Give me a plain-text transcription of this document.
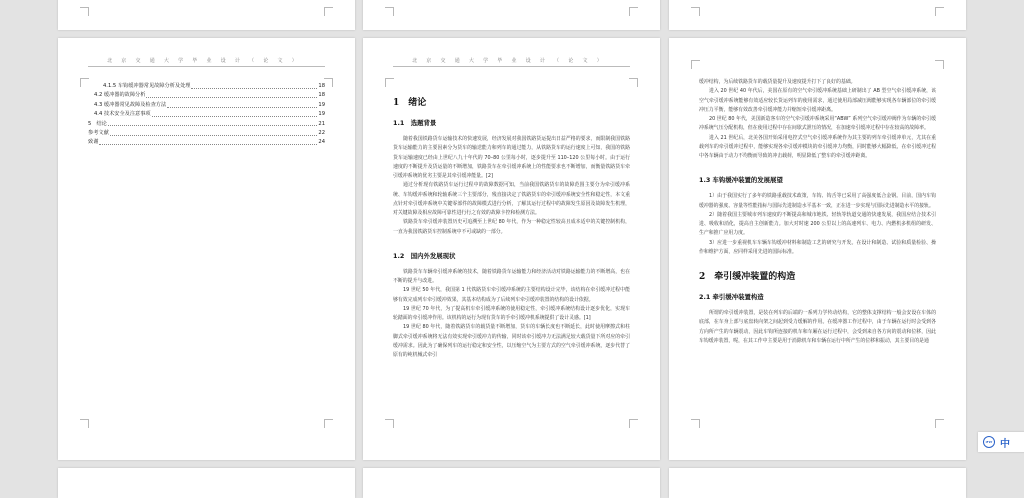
北京交通大学毕业设计（论文）
4.1.5 车钩缓冲器常见故障分析及处理	18
4.2 缓冲器的故障分析	18
4.3 缓冲器常见故障及检查方法	19
4.4 技术安全及注意事项	19
5　结论	21
参考文献	22
致谢	24
北京交通大学毕业设计（论文）
1　绪论
1.1　选题背景

随着我国铁路货车运输技术的快速发展，经济发展对我国铁路货运提出日益严格的要求，而限制我国铁路货车运输能力的主要因素分为货车的输送能力和列车的通过能力，从铁路货车的运行速度上可知，我国的铁路货车运输速度已经由上世纪八九十年代的 70–80 公里每小时，逐步提升至 110–120 公里每小时。由于运行速度的不断提升及货运量的不断增加，铁路货车在牵引缓冲系统上的性能要求也不断增加，而衡量铁路货车牵引缓冲系统的优劣主要是其牵引缓冲能量。[2]

通过分析现有铁路货车运行过程中的故障数据可知，当前我国铁路货车的故障范围主要分为牵引缓冲系统、车钩缓冲系统和轮轴系统三个主要部分，残直接决定了铁路货车的牵引缓冲系统安全性和稳定性，本文重点针对牵引缓冲系统中关键零部件的故障模式进行分析，了解其运行过程中的故障发生原因及故障发生机理，对关键故障及相应故障可靠性进行行之有效的故障卡控和检测方法。

铁路货车牵引缓冲装置历史可追溯至上世纪 80 年代，作为一种稳定性较高且成本适中的关键控制机构，一直为我国铁路货车控制系统中不可或缺的一部分。

1.2　国内外发展现状

铁路货车车辆牵引缓冲系统的技术，随着铁路货车运输能力和经济活动对铁路运输能力的不断增高，也在不断的提升与改进。

19 世纪 50 年代，我国第 1 代铁路货车牵引缓冲系统的主要结构设计完毕，该结构在牵引缓冲过程中能够有效完成列车牵引缓冲效果，其基本结构成为了后续列车牵引缓冲装置的结构的设计依据。

19 世纪 70 年代，为了提高机车牵引缓冲系统的使用稳定性，牵引缓冲系统结构设计逐步优化，实现车轮踏面的牵引缓冲作用。该机构的运行为现有货车的手牵引缓冲机系统提供了设计灵感。[1]

19 世纪 80 年代，随着铁路货车的载货量不断增加，货车的车辆长度也不断延长，此时使用摩擦式和柱脚式牵引缓冲系统将无法有效实现牵引缓冲力的传输，同时该牵引缓冲力无法满足较大载货量下所对应的牵引缓冲需求。因此为了确保列车的运行稳定和安全性，以压缩空气为主要方式的空气牵引缓冲系统，逐步代替了原有的纯机械式牵引

缓冲结构，为后续铁路货车的载货量提升及速度提升打下了良好的基础。

进入 20 世纪 40 年代后，美国在原有的空气牵引缓冲系统基础上研制出了 AB 型空气牵引缓冲系统，该空气牵引缓冲系统能够有效适应较长货运列车的使用需求，通过使用局部减压阀能够实现各车辆部位的牵引缓冲压力平衡，能够有效改善牵引缓冲能力并缩短牵引缓冲距离。

20 世纪 80 年代，美国新造客车的空气牵引缓冲系统采用“ABW” 系列空气牵引缓冲阀作为车辆的牵引缓冲系统气压分配机构，但在使用过程中存在间歇式泄压的情况，在加速牵引缓冲过程中存在较高的故障率。

进入 21 世纪后，北美各国开始采用电控式空气牵引缓冲系统作为其主要的列车牵引缓冲单元，尤其在重载列车的牵引缓冲过程中，能够实现各牵引缓冲模块的牵引缓冲力均衡，同时能够大幅降低，在牵引缓冲过程中各车辆由于动力不均衡而导致的冲击载荷，明显降低了整车的牵引缓冲距离。

1.3 车钩缓冲装置的发展展望

1）由于我国实行了多年的铁路重载技术政策，车钩、钩舌等已采用了高强度低合金钢。目前，国内车钩缓冲器的强度、容量等性能指标与国际先进制造水平基本一致，正在进一步实现与国际先进制造水平的接轨。

2）随着我国主要城市列车速度的不断提高和城市地铁、轻轨等轨道交通的快速发展，我国应结合技术引进、吸收和消化，提高自主创新能力。加大对时速 200 公里以上的高速列车、电力、内燃机多机组的研发、生产和推广应用力度。

3）应进一步重视机车车辆车钩缓冲材料和制造工艺的研究与开发。在设计和制造、试验和质量检验、操作和维护方面，应同样采用先进的国际标准。

2　牵引缓冲装置的构造
2.1 牵引缓冲装置构造

所谓的牵引缓冲装置，是装在列车的后端的一系列力学传动结构，它的整体支撑结构一般会安设在车体的底部，在车身上部与底盘转向架之间起到受力缓解的作用。在缓冲器工作过程中，由于车辆在运行时会受到各方向所产生的车辆震动，因此车钩所连接的机车和车厢在运行过程中，会受到来自各方向的震动和位移，因此车钩缓冲装置，呢，在其工作中主要是用于消除机车和车辆在运行中所产生的位移和振动，其主要目的是通

iFLY 中
